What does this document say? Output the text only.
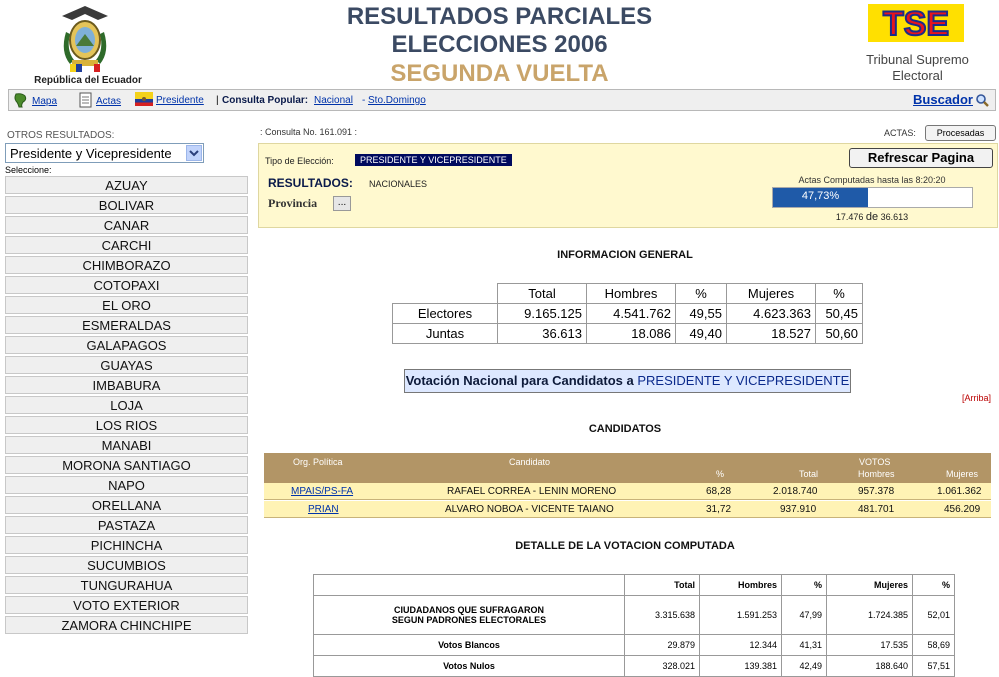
República del Ecuador
RESULTADOS PARCIALES
ELECCIONES 2006
SEGUNDA VUELTA
TSE
Tribunal Supremo
Electoral
Mapa	Actas	Presidente | Consulta Popular: Nacional - Sto.Domingo	Buscador
OTROS RESULTADOS:
Presidente y Vicepresidente
Seleccione:
AZUAY
BOLIVAR
CANAR
CARCHI
CHIMBORAZO
COTOPAXI
EL ORO
ESMERALDAS
GALAPAGOS
GUAYAS
IMBABURA
LOJA
LOS RIOS
MANABI
MORONA SANTIAGO
NAPO
ORELLANA
PASTAZA
PICHINCHA
SUCUMBIOS
TUNGURAHUA
VOTO EXTERIOR
ZAMORA CHINCHIPE
: Consulta No. 161.091 :	ACTAS:	Procesadas
Tipo de Elección:	PRESIDENTE Y VICEPRESIDENTE	Refrescar Pagina
RESULTADOS: NACIONALES
Provincia	...
Actas Computadas hasta las 8:20:20
47,73%
17.476 de 36.613
INFORMACION GENERAL
	Total	Hombres	%	Mujeres	%
Electores	9.165.125	4.541.762	49,55	4.623.363	50,45
Juntas	36.613	18.086	49,40	18.527	50,60
Votación Nacional para Candidatos a PRESIDENTE Y VICEPRESIDENTE
[Arriba]
CANDIDATOS
Org. Política	Candidato	VOTOS
%	Total	Hombres	Mujeres
MPAIS/PS-FA	RAFAEL CORREA - LENIN MORENO	68,28	2.018.740	957.378	1.061.362
PRIAN	ALVARO NOBOA - VICENTE TAIANO	31,72	937.910	481.701	456.209
DETALLE DE LA VOTACION COMPUTADA
	Total	Hombres	%	Mujeres	%

CIUDADANOS QUE SUFRAGARON
SEGUN PADRONES ELECTORALES	3.315.638	1.591.253	47,99	1.724.385	52,01
Votos Blancos	29.879	12.344	41,31	17.535	58,69
Votos Nulos	328.021	139.381	42,49	188.640	57,51
